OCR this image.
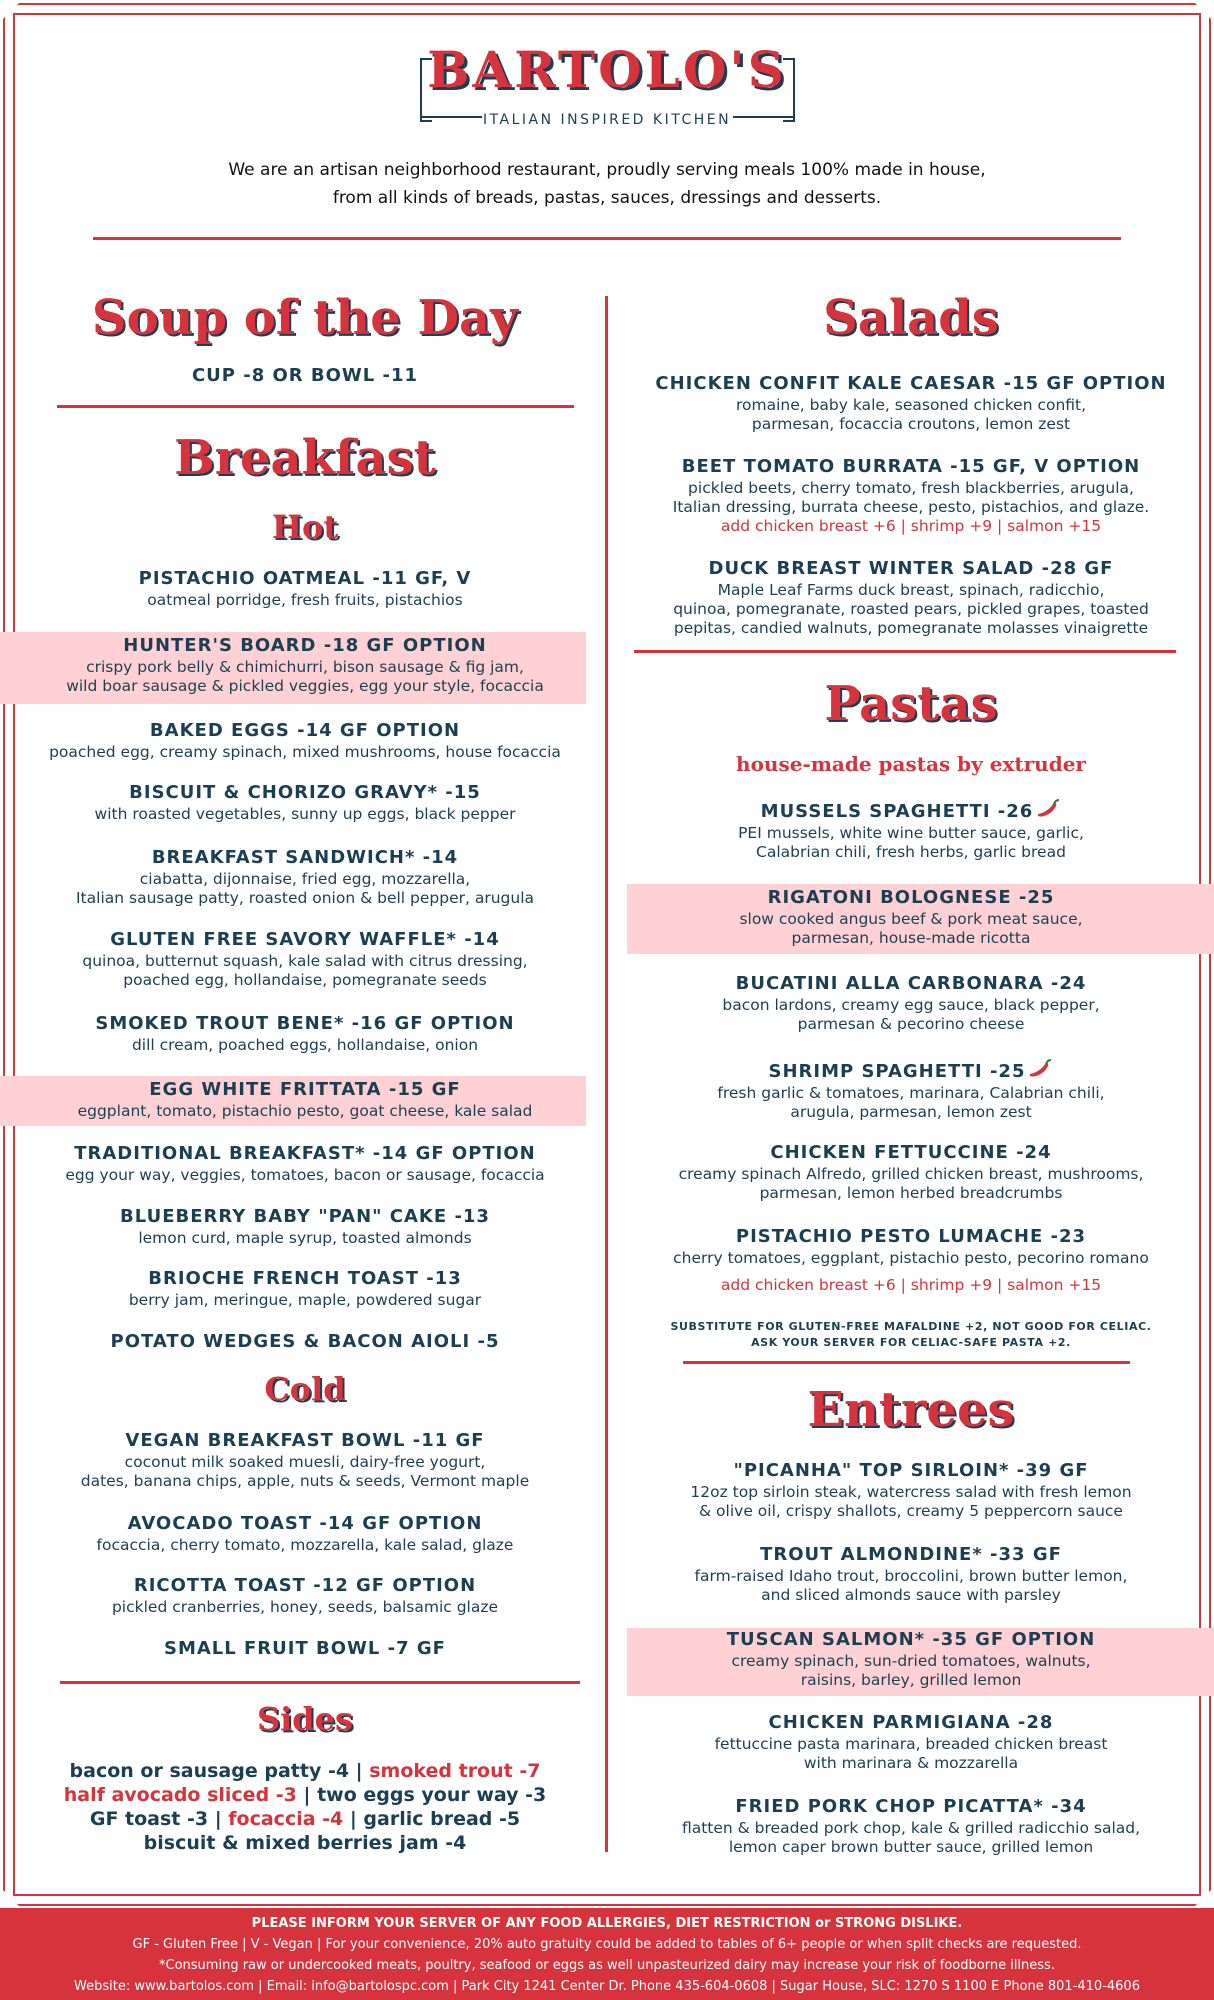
BARTOLO'S
ITALIAN INSPIRED KITCHEN
We are an artisan neighborhood restaurant, proudly serving meals 100% made in house,
from all kinds of breads, pastas, sauces, dressings and desserts.
Soup of the Day
CUP -8 OR BOWL -11
Breakfast
Hot
PISTACHIO OATMEAL -11 GF, V
oatmeal porridge, fresh fruits, pistachios
HUNTER'S BOARD -18 GF OPTION
crispy pork belly & chimichurri, bison sausage & fig jam,
wild boar sausage & pickled veggies, egg your style, focaccia
BAKED EGGS -14 GF OPTION
poached egg, creamy spinach, mixed mushrooms, house focaccia
BISCUIT & CHORIZO GRAVY* -15
with roasted vegetables, sunny up eggs, black pepper
BREAKFAST SANDWICH* -14
ciabatta, dijonnaise, fried egg, mozzarella,
Italian sausage patty, roasted onion & bell pepper, arugula
GLUTEN FREE SAVORY WAFFLE* -14
quinoa, butternut squash, kale salad with citrus dressing,
poached egg, hollandaise, pomegranate seeds
SMOKED TROUT BENE* -16 GF OPTION
dill cream, poached eggs, hollandaise, onion
EGG WHITE FRITTATA -15 GF
eggplant, tomato, pistachio pesto, goat cheese, kale salad
TRADITIONAL BREAKFAST* -14 GF OPTION
egg your way, veggies, tomatoes, bacon or sausage, focaccia
BLUEBERRY BABY "PAN" CAKE -13
lemon curd, maple syrup, toasted almonds
BRIOCHE FRENCH TOAST -13
berry jam, meringue, maple, powdered sugar
POTATO WEDGES & BACON AIOLI -5
Cold
VEGAN BREAKFAST BOWL -11 GF
coconut milk soaked muesli, dairy-free yogurt,
dates, banana chips, apple, nuts & seeds, Vermont maple
AVOCADO TOAST -14 GF OPTION
focaccia, cherry tomato, mozzarella, kale salad, glaze
RICOTTA TOAST -12 GF OPTION
pickled cranberries, honey, seeds, balsamic glaze
SMALL FRUIT BOWL -7 GF
Sides
bacon or sausage patty -4 | smoked trout -7
half avocado sliced -3 | two eggs your way -3
GF toast -3 | focaccia -4 | garlic bread -5
biscuit & mixed berries jam -4
Salads
CHICKEN CONFIT KALE CAESAR -15 GF OPTION
romaine, baby kale, seasoned chicken confit,
parmesan, focaccia croutons, lemon zest
BEET TOMATO BURRATA -15 GF, V OPTION
pickled beets, cherry tomato, fresh blackberries, arugula,
Italian dressing, burrata cheese, pesto, pistachios, and glaze.
add chicken breast +6 | shrimp +9 | salmon +15
DUCK BREAST WINTER SALAD -28 GF
Maple Leaf Farms duck breast, spinach, radicchio,
quinoa, pomegranate, roasted pears, pickled grapes, toasted
pepitas, candied walnuts, pomegranate molasses vinaigrette
Pastas
house-made pastas by extruder
MUSSELS SPAGHETTI -26
PEI mussels, white wine butter sauce, garlic,
Calabrian chili, fresh herbs, garlic bread
RIGATONI BOLOGNESE -25
slow cooked angus beef & pork meat sauce,
parmesan, house-made ricotta
BUCATINI ALLA CARBONARA -24
bacon lardons, creamy egg sauce, black pepper,
parmesan & pecorino cheese
SHRIMP SPAGHETTI -25
fresh garlic & tomatoes, marinara, Calabrian chili,
arugula, parmesan, lemon zest
CHICKEN FETTUCCINE -24
creamy spinach Alfredo, grilled chicken breast, mushrooms,
parmesan, lemon herbed breadcrumbs
PISTACHIO PESTO LUMACHE -23
cherry tomatoes, eggplant, pistachio pesto, pecorino romano
add chicken breast +6 | shrimp +9 | salmon +15
SUBSTITUTE FOR GLUTEN-FREE MAFALDINE +2, NOT GOOD FOR CELIAC.
ASK YOUR SERVER FOR CELIAC-SAFE PASTA +2.
Entrees
"PICANHA" TOP SIRLOIN* -39 GF
12oz top sirloin steak, watercress salad with fresh lemon
& olive oil, crispy shallots, creamy 5 peppercorn sauce
TROUT ALMONDINE* -33 GF
farm-raised Idaho trout, broccolini, brown butter lemon,
and sliced almonds sauce with parsley
TUSCAN SALMON* -35 GF OPTION
creamy spinach, sun-dried tomatoes, walnuts,
raisins, barley, grilled lemon
CHICKEN PARMIGIANA -28
fettuccine pasta marinara, breaded chicken breast
with marinara & mozzarella
FRIED PORK CHOP PICATTA* -34
flatten & breaded pork chop, kale & grilled radicchio salad,
lemon caper brown butter sauce, grilled lemon
PLEASE INFORM YOUR SERVER OF ANY FOOD ALLERGIES, DIET RESTRICTION or STRONG DISLIKE.
GF - Gluten Free | V - Vegan | For your convenience, 20% auto gratuity could be added to tables of 6+ people or when split checks are requested.
*Consuming raw or undercooked meats, poultry, seafood or eggs as well unpasteurized dairy may increase your risk of foodborne illness.
Website: www.bartolos.com | Email: info@bartolospc.com | Park City 1241 Center Dr. Phone 435-604-0608 | Sugar House, SLC: 1270 S 1100 E Phone 801-410-4606
